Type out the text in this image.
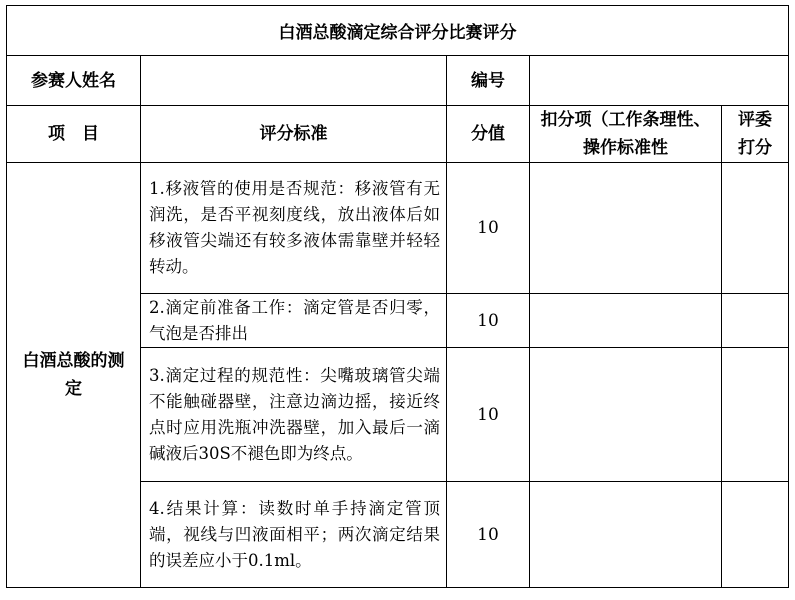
白酒总酸滴定综合评分比赛评分				
参赛人姓名		编号		
项　目	评分标准	分值	扣分项（工作条理性、操作标准性	评委打分

白酒总酸的测定	1.移液管的使用是否规范：移液管有无润洗，是否平视刻度线，放出液体后如移液管尖端还有较多液体需靠壁并轻轻转动。	10		
	2.滴定前准备工作：滴定管是否归零，气泡是否排出	10		
	3.滴定过程的规范性：尖嘴玻璃管尖端不能触碰器壁，注意边滴边摇，接近终点时应用洗瓶冲洗器壁，加入最后一滴碱液后30S不褪色即为终点。	10		
	4.结果计算：读数时单手持滴定管顶端，视线与凹液面相平；两次滴定结果的误差应小于0.1ml。	10		
